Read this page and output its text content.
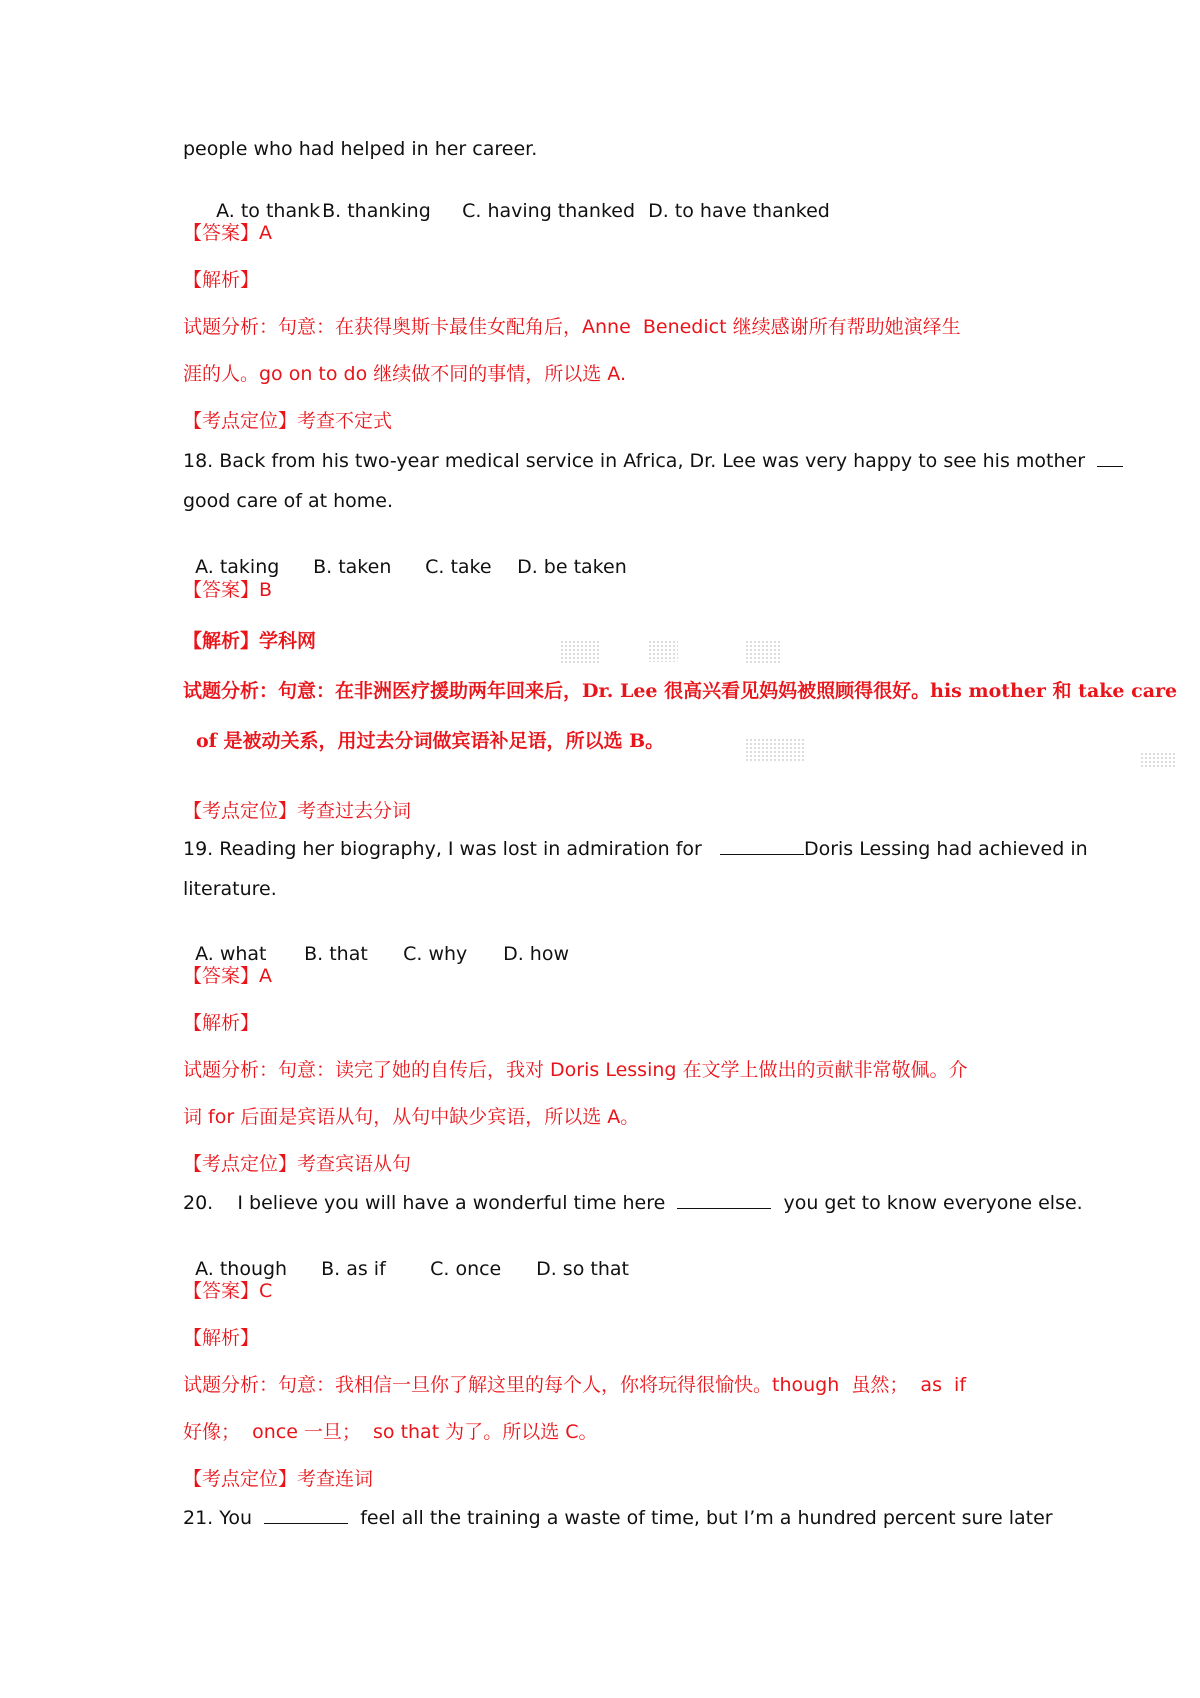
people who had helped in her career.

A. to thank B. thanking C. having thanked D. to have thanked

【答案】A
【解析】
试题分析：句意：在获得奥斯卡最佳女配角后，Anne  Benedict 继续感谢所有帮助她演绎生
涯的人。go on to do 继续做不同的事情，所以选 A.
【考点定位】考查不定式
18. Back from his two-year medical service in Africa, Dr. Lee was very happy to see his mother
good care of at home.

A. taking B. taken C. take D. be taken

【答案】B
【解析】学科网
试题分析：句意：在非洲医疗援助两年回来后，Dr. Lee 很高兴看见妈妈被照顾得很好。his mother 和 take care
of 是被动关系，用过去分词做宾语补足语，所以选 B。
【考点定位】考查过去分词
19. Reading her biography, I was lost in admiration for	Doris Lessing had achieved in
literature.

A. what B. that C. why D. how

【答案】A
【解析】
试题分析：句意：读完了她的自传后，我对 Doris Lessing 在文学上做出的贡献非常敬佩。介
词 for 后面是宾语从句，从句中缺少宾语，所以选 A。
【考点定位】考查宾语从句
20.    I believe you will have a wonderful time here	you get to know everyone else.

A. though B. as if C. once D. so that

【答案】C
【解析】
试题分析：句意：我相信一旦你了解这里的每个人，你将玩得很愉快。though  虽然；  as  if
好像；  once 一旦；  so that 为了。所以选 C。
【考点定位】考查连词
21. You	feel all the training a waste of time, but I’m a hundred percent sure later
